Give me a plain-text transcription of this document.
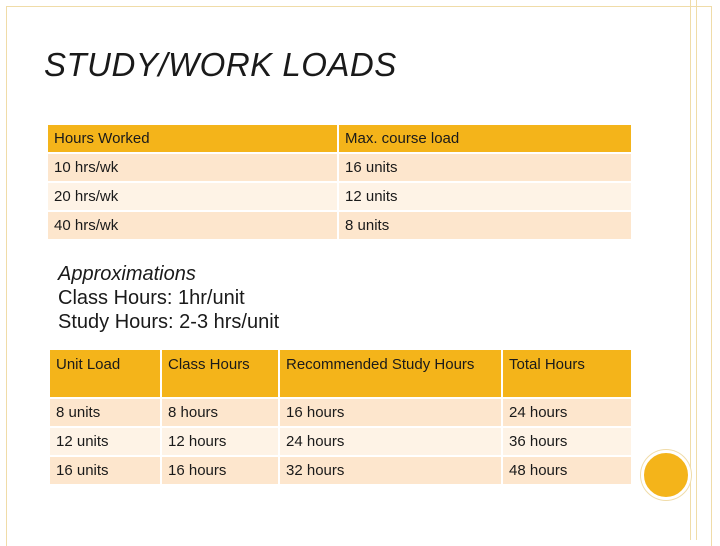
STUDY/WORK LOADS
Hours Worked	Max. course load
10 hrs/wk	16 units
20 hrs/wk	12 units
40 hrs/wk	8 units
Approximations
Class Hours: 1hr/unit
Study Hours: 2-3 hrs/unit
Unit Load	Class Hours	Recommended Study Hours	Total Hours
8 units	8 hours	16 hours	24 hours
12 units	12 hours	24 hours	36 hours
16 units	16 hours	32 hours	48 hours
